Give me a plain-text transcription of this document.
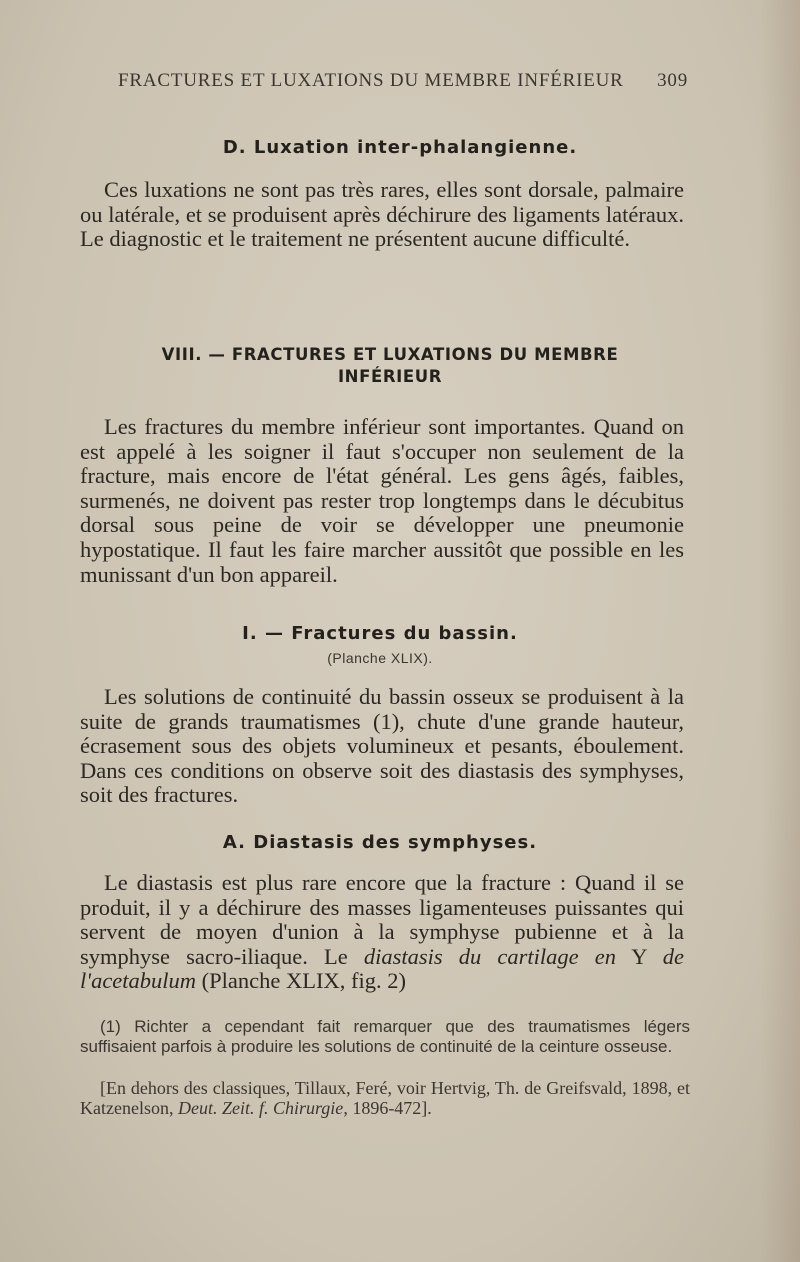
FRACTURES ET LUXATIONS DU MEMBRE INFÉRIEUR 309
D. Luxation inter-phalangienne.
Ces luxations ne sont pas très rares, elles sont dorsale, palmaire ou latérale, et se produisent après déchirure des ligaments latéraux. Le diagnostic et le traitement ne présentent aucune difficulté.
VIII. — FRACTURES ET LUXATIONS DU MEMBRE
INFÉRIEUR
Les fractures du membre inférieur sont importantes. Quand on est appelé à les soigner il faut s'occuper non seulement de la fracture, mais encore de l'état général. Les gens âgés, faibles, surmenés, ne doivent pas rester trop longtemps dans le décubitus dorsal sous peine de voir se développer une pneumonie hypostatique. Il faut les faire marcher aussitôt que possible en les munissant d'un bon appareil.
I. — Fractures du bassin.
(Planche XLIX).
Les solutions de continuité du bassin osseux se produisent à la suite de grands traumatismes (1), chute d'une grande hauteur, écrasement sous des objets volumineux et pesants, éboulement. Dans ces conditions on observe soit des diastasis des symphyses, soit des fractures.
A. Diastasis des symphyses.
Le diastasis est plus rare encore que la fracture : Quand il se produit, il y a déchirure des masses ligamenteuses puissantes qui servent de moyen d'union à la symphyse pubienne et à la symphyse sacro-iliaque. Le diastasis du cartilage en Y de l'acetabulum (Planche XLIX, fig. 2)
(1) Richter a cependant fait remarquer que des traumatismes légers suffisaient parfois à produire les solutions de continuité de la ceinture osseuse.
[En dehors des classiques, Tillaux, Feré, voir Hertvig, Th. de Greifsvald, 1898, et Katzenelson, Deut. Zeit. f. Chirurgie, 1896-472].
